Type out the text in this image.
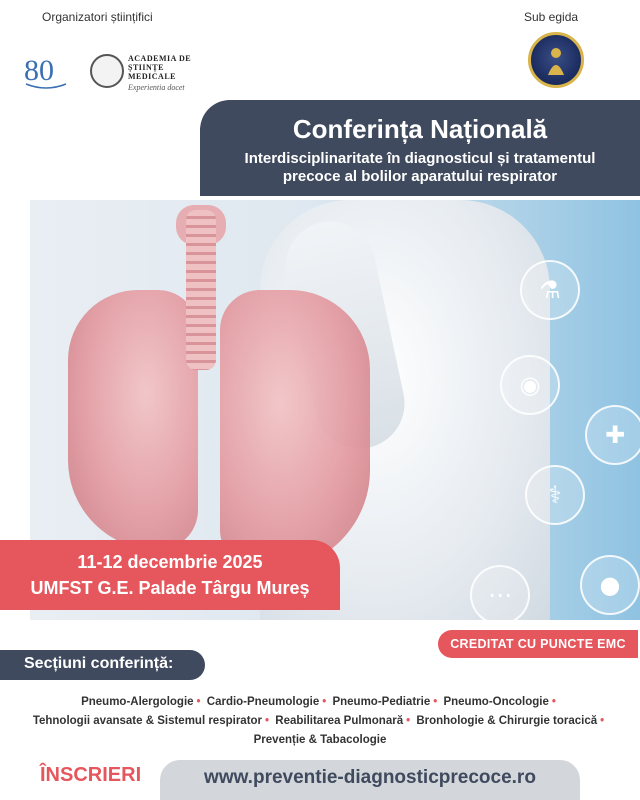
Organizatori științifici	Sub egida
80	ACADEMIA DE
ȘTIINȚE
MEDICALE
Experientia docet
Conferința Națională
Interdisciplinaritate în diagnosticul și tratamentul
precoce al bolilor aparatului respirator
⚗
◉
✚
⚕
⋯	●
11-12 decembrie 2025
UMFST G.E. Palade Târgu Mureș
CREDITAT CU PUNCTE EMC
Secțiuni conferință:
Pneumo-Alergologie • Cardio-Pneumologie • Pneumo-Pediatrie • Pneumo-Oncologie •
Tehnologii avansate & Sistemul respirator • Reabilitarea Pulmonară • Bronhologie & Chirurgie toracică • Prevenție & Tabacologie
ÎNSCRIERI	www.preventie-diagnosticprecoce.ro
